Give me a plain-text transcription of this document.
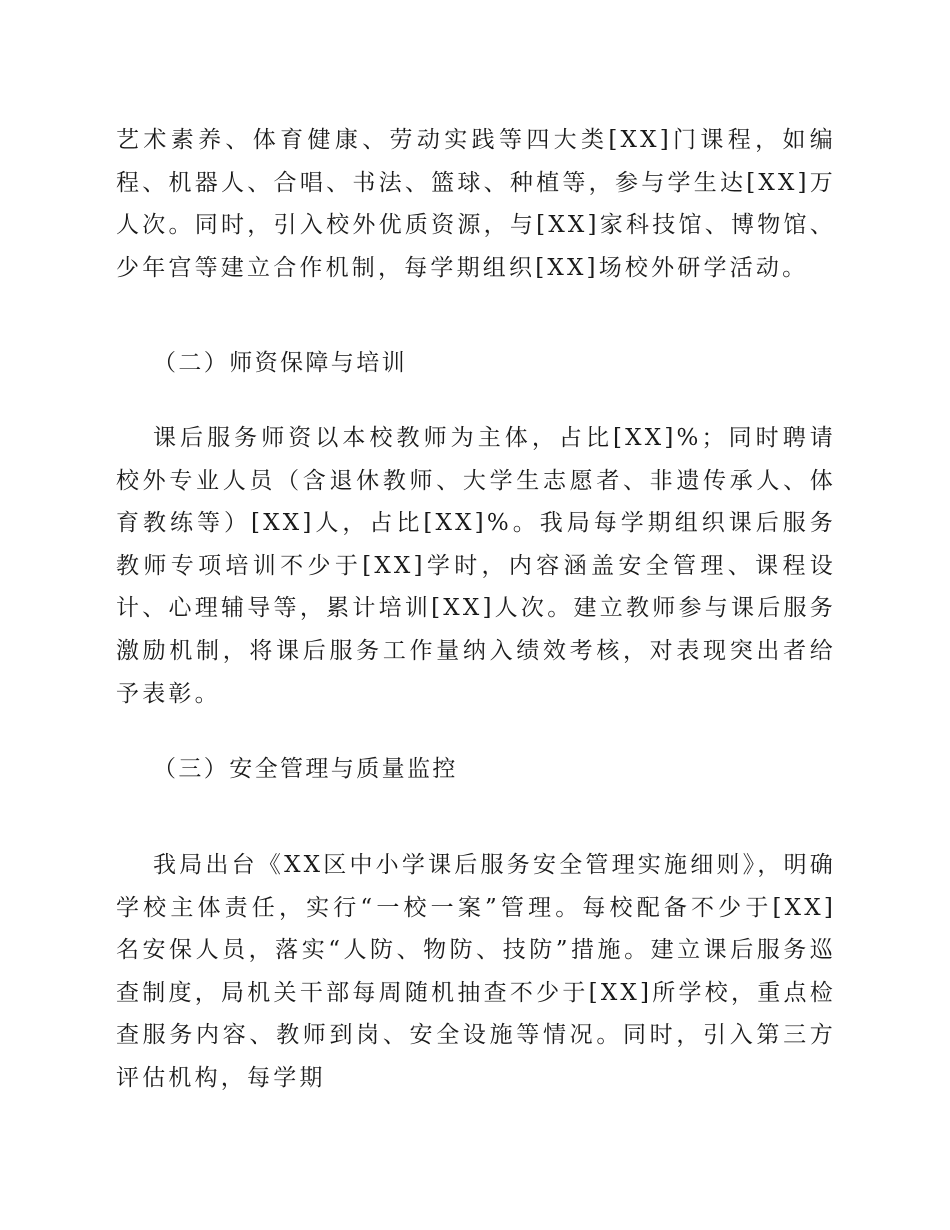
艺术素养、体育健康、劳动实践等四大类[XX]门课程，如编程、机器人、合唱、书法、篮球、种植等，参与学生达[XX]万人次。同时，引入校外优质资源，与[XX]家科技馆、博物馆、少年宫等建立合作机制，每学期组织[XX]场校外研学活动。

（二）师资保障与培训

课后服务师资以本校教师为主体，占比[XX]%；同时聘请校外专业人员（含退休教师、大学生志愿者、非遗传承人、体育教练等）[XX]人，占比[XX]%。我局每学期组织课后服务教师专项培训不少于[XX]学时，内容涵盖安全管理、课程设计、心理辅导等，累计培训[XX]人次。建立教师参与课后服务激励机制，将课后服务工作量纳入绩效考核，对表现突出者给予表彰。

（三）安全管理与质量监控

我局出台《XX区中小学课后服务安全管理实施细则》，明确学校主体责任，实行“一校一案”管理。每校配备不少于[XX]名安保人员，落实“人防、物防、技防”措施。建立课后服务巡查制度，局机关干部每周随机抽查不少于[XX]所学校，重点检查服务内容、教师到岗、安全设施等情况。同时，引入第三方评估机构，每学期
